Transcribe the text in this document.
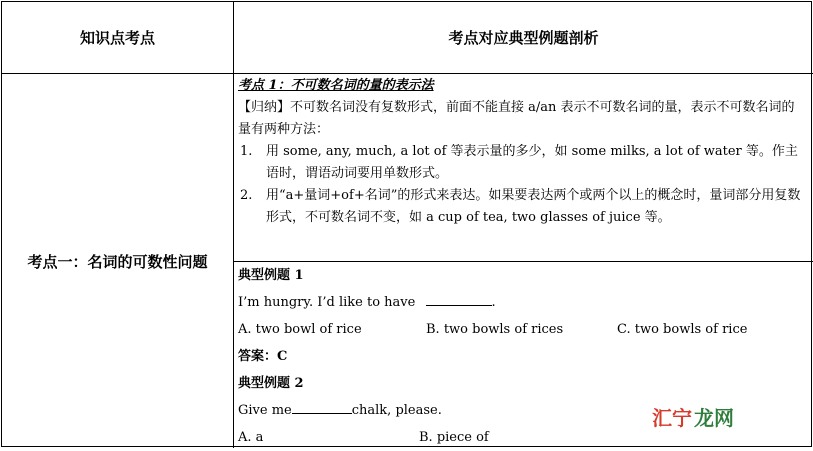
知识点考点	考点对应典型例题剖析
考点一：名词的可数性问题
考点 1：不可数名词的量的表示法
【归纳】不可数名词没有复数形式，前面不能直接 a/an 表示不可数名词的量，表示不可数名词的量有两种方法：
1. 用 some, any, much, a lot of 等表示量的多少，如 some milks, a lot of water 等。作主语时，谓语动词要用单数形式。
2. 用“a+量词+of+名词”的形式来表达。如果要表达两个或两个以上的概念时，量词部分用复数形式，不可数名词不变，如 a cup of tea, two glasses of juice 等。
典型例题 1
I’m hungry. I’d like to have	.
A. two bowl of rice	B. two bowls of rices	C. two bowls of rice
答案：C
典型例题 2
Give me	chalk, please.
A. a	B. piece of
汇宁 龙网
